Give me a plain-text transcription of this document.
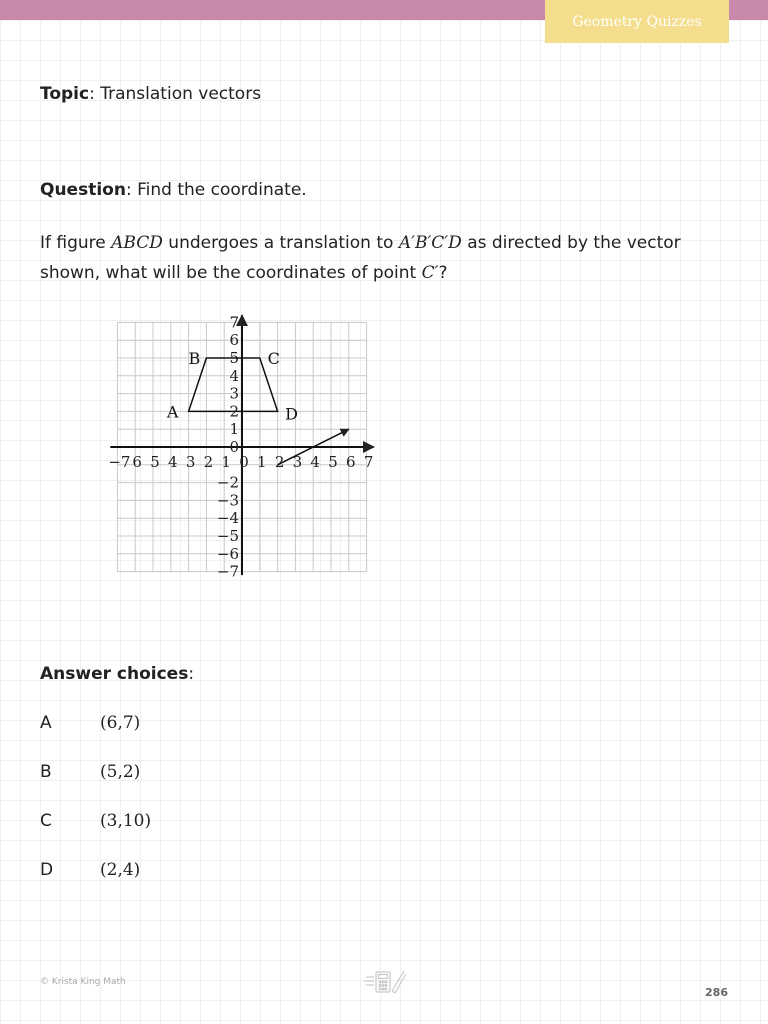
Geometry Quizzes
Topic: Translation vectors
Question: Find the coordinate.
If figure ABCD undergoes a translation to A′B′C′D as directed by the vector shown, what will be the coordinates of point C′?
−7 6 5 4 3 2 1 0 1 2 3 4 5 6 7
7
6
5
4
3
2
1
0
−2
−3
−4
−5
−6
−7
A
B	C
D
Answer choices:
A	(6,7)
B	(5,2)
C	(3,10)
D	(2,4)
© Krista King Math
286
